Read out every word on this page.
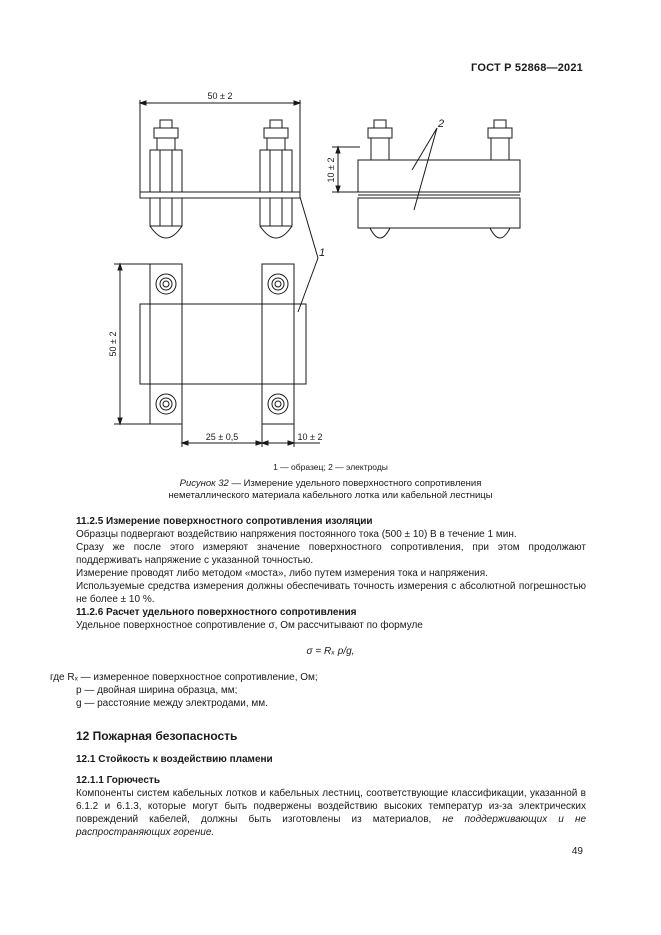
ГОСТ Р 52868—2021
50 ± 2
10 ± 2
2
50 ± 2
25 ± 0,5	10 ± 2
1
1 — образец; 2 — электроды
Рисунок 32 — Измерение удельного поверхностного сопротивления
неметаллического материала кабельного лотка или кабельной лестницы

11.2.5 Измерение поверхностного сопротивления изоляции

Образцы подвергают воздействию напряжения постоянного тока (500 ± 10) В в течение 1 мин.

Сразу же после этого измеряют значение поверхностного сопротивления, при этом продолжают поддерживать напряжение с указанной точностью.

Измерение проводят либо методом «моста», либо путем измерения тока и напряжения.

Используемые средства измерения должны обеспечивать точность измерения с абсолютной погрешностью не более ± 10 %.

11.2.6 Расчет удельного поверхностного сопротивления

Удельное поверхностное сопротивление σ, Ом рассчитывают по формуле

σ = Rₓ p/g,

где Rₓ — измеренное поверхностное сопротивление, Ом;

p — двойная ширина образца, мм;

g — расстояние между электродами, мм.

12 Пожарная безопасность

12.1 Стойкость к воздействию пламени

12.1.1 Горючесть

Компоненты систем кабельных лотков и кабельных лестниц, соответствующие классификации, указанной в 6.1.2 и 6.1.3, которые могут быть подвержены воздействию высоких температур из-за электрических повреждений кабелей, должны быть изготовлены из материалов, не поддерживающих и не распространяющих горение.

49
